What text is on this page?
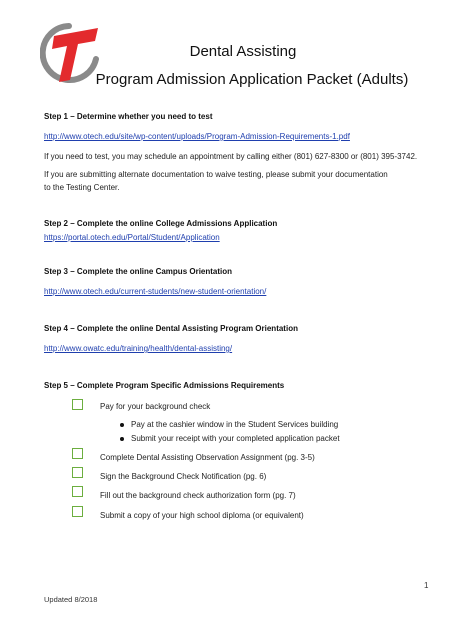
Dental Assisting
Program Admission Application Packet (Adults)
Step 1 – Determine whether you need to test
http://www.otech.edu/site/wp-content/uploads/Program-Admission-Requirements-1.pdf
If you need to test, you may schedule an appointment by calling either (801) 627-8300 or (801) 395-3742.
If you are submitting alternate documentation to waive testing, please submit your documentation
to the Testing Center.
Step 2 – Complete the online College Admissions Application
https://portal.otech.edu/Portal/Student/Application
Step 3 – Complete the online Campus Orientation
http://www.otech.edu/current-students/new-student-orientation/
Step 4 – Complete the online Dental Assisting Program Orientation
http://www.owatc.edu/training/health/dental-assisting/
Step 5 – Complete Program Specific Admissions Requirements
Pay for your background check
Pay at the cashier window in the Student Services building
Submit your receipt with your completed application packet
Complete Dental Assisting Observation Assignment (pg. 3-5)
Sign the Background Check Notification (pg. 6)
Fill out the background check authorization form (pg. 7)
Submit a copy of your high school diploma (or equivalent)
1
Updated 8/2018
